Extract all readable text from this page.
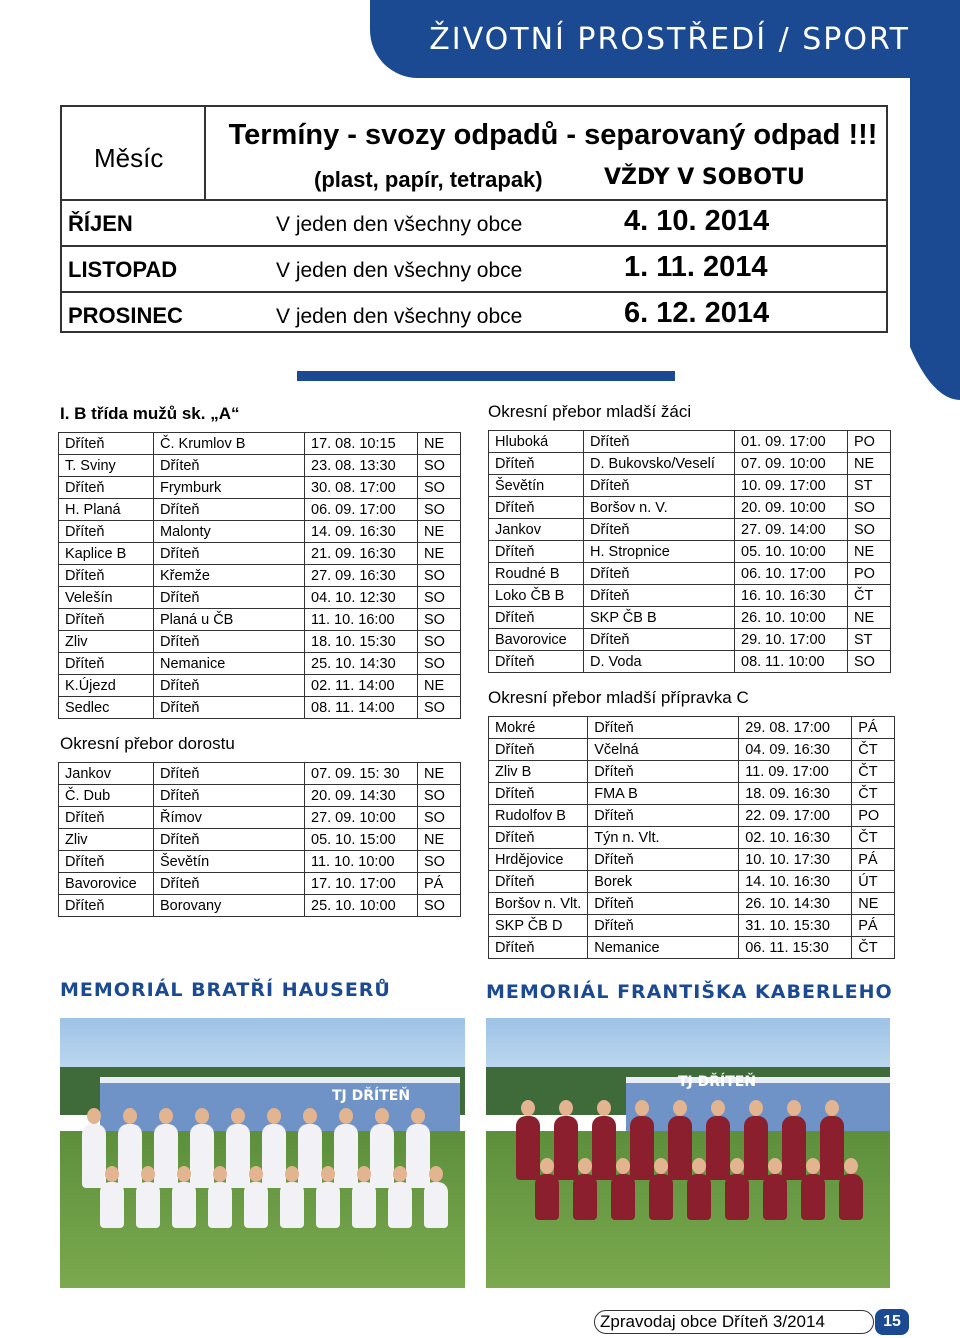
ŽIVOTNÍ PROSTŘEDÍ / SPORT
Měsíc
Termíny - svozy odpadů - separovaný odpad !!!
(plast, papír, tetrapak)	VŽDY V SOBOTU
ŘÍJEN	V jeden den všechny obce	4. 10. 2014
LISTOPAD	V jeden den všechny obce	1. 11. 2014
PROSINEC	V jeden den všechny obce	6. 12. 2014
I. B třída mužů sk. „A“
Okresní přebor dorostu
Okresní přebor mladší žáci
Okresní přebor mladší přípravka C
Dříteň	Č. Krumlov B	17. 08. 10:15	NE
T. Sviny	Dříteň	23. 08. 13:30	SO
Dříteň	Frymburk	30. 08. 17:00	SO
H. Planá	Dříteň	06. 09. 17:00	SO
Dříteň	Malonty	14. 09. 16:30	NE
Kaplice B	Dříteň	21. 09. 16:30	NE
Dříteň	Křemže	27. 09. 16:30	SO
Velešín	Dříteň	04. 10. 12:30	SO
Dříteň	Planá u ČB	11. 10. 16:00	SO
Zliv	Dříteň	18. 10. 15:30	SO
Dříteň	Nemanice	25. 10. 14:30	SO
K.Újezd	Dříteň	02. 11. 14:00	NE
Sedlec	Dříteň	08. 11. 14:00	SO
Jankov	Dříteň	07. 09. 15: 30	NE
Č. Dub	Dříteň	20. 09. 14:30	SO
Dříteň	Římov	27. 09. 10:00	SO
Zliv	Dříteň	05. 10. 15:00	NE
Dříteň	Ševětín	11. 10. 10:00	SO
Bavorovice	Dříteň	17. 10. 17:00	PÁ
Dříteň	Borovany	25. 10. 10:00	SO
Hluboká	Dříteň	01. 09. 17:00	PO
Dříteň	D. Bukovsko/Veselí	07. 09. 10:00	NE
Ševětín	Dříteň	10. 09. 17:00	ST
Dříteň	Boršov n. V.	20. 09. 10:00	SO
Jankov	Dříteň	27. 09. 14:00	SO
Dříteň	H. Stropnice	05. 10. 10:00	NE
Roudné B	Dříteň	06. 10. 17:00	PO
Loko ČB B	Dříteň	16. 10. 16:30	ČT
Dříteň	SKP ČB B	26. 10. 10:00	NE
Bavorovice	Dříteň	29. 10. 17:00	ST
Dříteň	D. Voda	08. 11. 10:00	SO
Mokré	Dříteň	29. 08. 17:00	PÁ
Dříteň	Včelná	04. 09. 16:30	ČT
Zliv B	Dříteň	11. 09. 17:00	ČT
Dříteň	FMA B	18. 09. 16:30	ČT
Rudolfov B	Dříteň	22. 09. 17:00	PO
Dříteň	Týn n. Vlt.	02. 10. 16:30	ČT
Hrdějovice	Dříteň	10. 10. 17:30	PÁ
Dříteň	Borek	14. 10. 16:30	ÚT
Boršov n. Vlt.	Dříteň	26. 10. 14:30	NE
SKP ČB D	Dříteň	31. 10. 15:30	PÁ
Dříteň	Nemanice	06. 11. 15:30	ČT
MEMORIÁL BRATŘÍ HAUSERŮ	MEMORIÁL FRANTIŠKA KABERLEHO
TJ DŘÍTEŇ
TJ DŘÍTEŇ
Zpravodaj obce Dříteň 3/2014	15
